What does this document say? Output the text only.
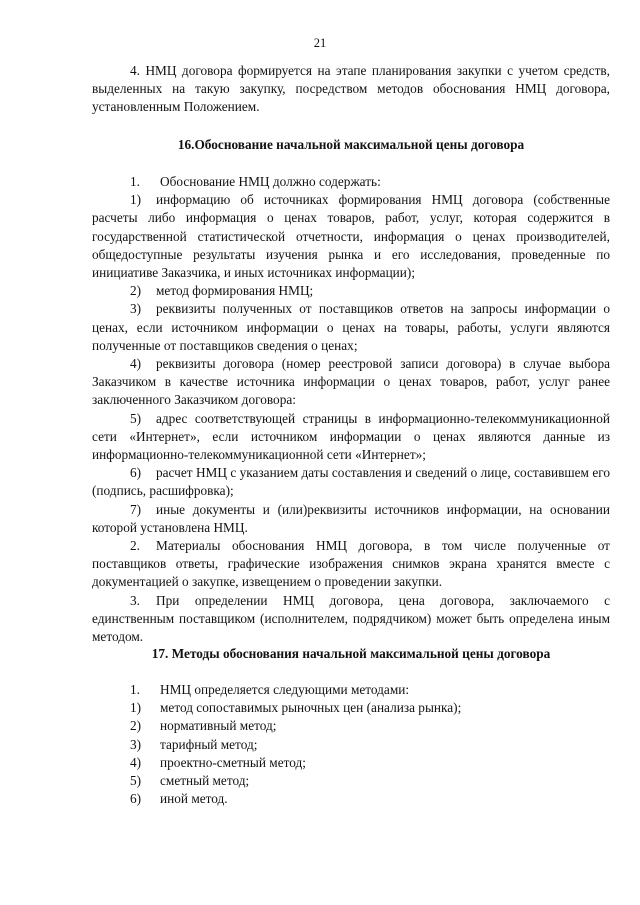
21

4. НМЦ договора формируется на этапе планирования закупки с учетом средств, выделенных на такую закупку, посредством методов обоснования НМЦ договора, установленным Положением.

16.Обоснование начальной максимальной цены договора
1. Обоснование НМЦ должно содержать:
1) информацию об источниках формирования НМЦ договора (собственные расчеты либо информация о ценах товаров, работ, услуг, которая содержится в государственной статистической отчетности, информация о ценах производителей, общедоступные результаты изучения рынка и его исследования, проведенные по инициативе Заказчика, и иных источниках информации);
2) метод формирования НМЦ;
3) реквизиты полученных от поставщиков ответов на запросы информации о ценах, если источником информации о ценах на товары, работы, услуги являются полученные от поставщиков сведения о ценах;
4) реквизиты договора (номер реестровой записи договора) в случае выбора Заказчиком в качестве источника информации о ценах товаров, работ, услуг ранее заключенного Заказчиком договора:
5) адрес соответствующей страницы в информационно-телекоммуникационной сети «Интернет», если источником информации о ценах являются данные из информационно-телекоммуникационной сети «Интернет»;
6) расчет НМЦ с указанием даты составления и сведений о лице, составившем его (подпись, расшифровка);
7) иные документы и (или)реквизиты источников информации, на основании которой установлена НМЦ.
2. Материалы обоснования НМЦ договора, в том числе полученные от поставщиков ответы, графические изображения снимков экрана хранятся вместе с документацией о закупке, извещением о проведении закупки.
3. При определении НМЦ договора, цена договора, заключаемого с единственным поставщиком (исполнителем, подрядчиком) может быть определена иным методом.
17. Методы обоснования начальной максимальной цены договора
1. НМЦ определяется следующими методами:
1) метод сопоставимых рыночных цен (анализа рынка);
2) нормативный метод;
3) тарифный метод;
4) проектно-сметный метод;
5) сметный метод;
6) иной метод.
